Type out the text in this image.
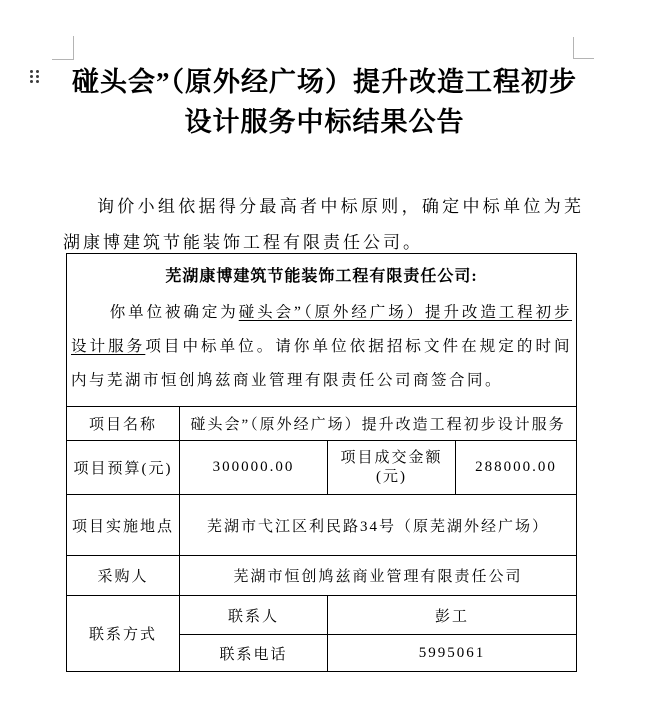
碰头会”（原外经广场）提升改造工程初步
设计服务中标结果公告
询价小组依据得分最高者中标原则，确定中标单位为芜湖康博建筑节能装饰工程有限责任公司。
芜湖康博建筑节能装饰工程有限责任公司:
你单位被确定为碰头会”（原外经广场）提升改造工程初步设计服务项目中标单位。请你单位依据招标文件在规定的时间内与芜湖市恒创鸠兹商业管理有限责任公司商签合同。			

项目名称	碰头会”（原外经广场）提升改造工程初步设计服务		
项目预算(元)	300000.00	项目成交金额(元)	288000.00
项目实施地点	芜湖市弋江区利民路34号（原芜湖外经广场）		
采购人	芜湖市恒创鸠兹商业管理有限责任公司		
联系方式	联系人	彭工	
	联系电话	5995061	
